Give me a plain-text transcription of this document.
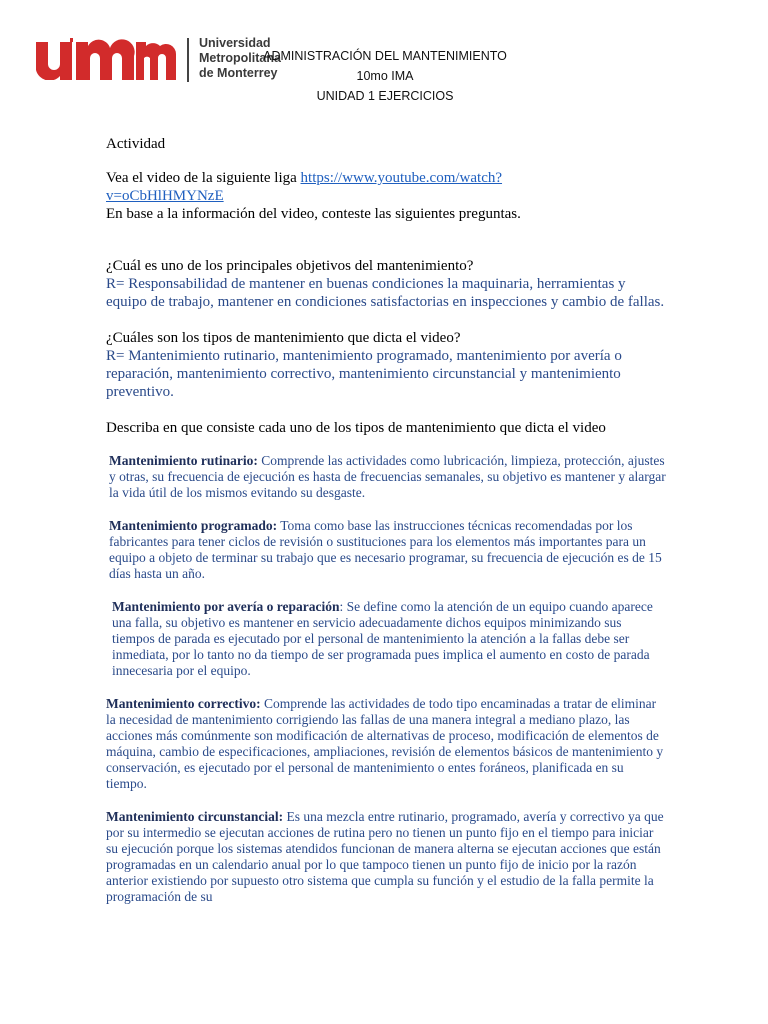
Universidad
Metropolitana
de Monterrey
ADMINISTRACIÓN DEL MANTENIMIENTO
10mo IMA
UNIDAD 1 EJERCICIOS

Actividad

Vea el video de la siguiente liga https://www.youtube.com/watch?
v=oCbHlHMYNzE

En base a la información del video, conteste las siguientes preguntas.

¿Cuál es uno de los principales objetivos del mantenimiento?

R= Responsabilidad de mantener en buenas condiciones la maquinaria, herramientas y equipo de trabajo, mantener en condiciones satisfactorias en inspecciones y cambio de fallas.

¿Cuáles son los tipos de mantenimiento que dicta el video?

R= Mantenimiento rutinario, mantenimiento programado, mantenimiento por avería o reparación, mantenimiento correctivo, mantenimiento circunstancial y mantenimiento preventivo.

Describa en que consiste cada uno de los tipos de mantenimiento que dicta el video

Mantenimiento rutinario: Comprende las actividades como lubricación, limpieza, protección, ajustes y otras, su frecuencia de ejecución es hasta de frecuencias semanales, su objetivo es mantener y alargar la vida útil de los mismos evitando su desgaste.

Mantenimiento programado: Toma como base las instrucciones técnicas recomendadas por los fabricantes para tener ciclos de revisión o sustituciones para los elementos más importantes para un equipo a objeto de terminar su trabajo que es necesario programar, su frecuencia de ejecución es de 15 días hasta un año.

Mantenimiento por avería o reparación: Se define como la atención de un equipo cuando aparece una falla, su objetivo es mantener en servicio adecuadamente dichos equipos minimizando sus tiempos de parada es ejecutado por el personal de mantenimiento la atención a la fallas debe ser inmediata, por lo tanto no da tiempo de ser programada pues implica el aumento en costo de parada innecesaria por el equipo.

Mantenimiento correctivo: Comprende las actividades de todo tipo encaminadas a tratar de eliminar la necesidad de mantenimiento corrigiendo las fallas de una manera integral a mediano plazo, las acciones más comúnmente son modificación de alternativas de proceso, modificación de elementos de máquina, cambio de especificaciones, ampliaciones, revisión de elementos básicos de mantenimiento y conservación, es ejecutado por el personal de mantenimiento o entes foráneos, planificada en su tiempo.

Mantenimiento circunstancial: Es una mezcla entre rutinario, programado, avería y correctivo ya que por su intermedio se ejecutan acciones de rutina pero no tienen un punto fijo en el tiempo para iniciar su ejecución porque los sistemas atendidos funcionan de manera alterna se ejecutan acciones que están programadas en un calendario anual por lo que tampoco tienen un punto fijo de inicio por la razón anterior existiendo por supuesto otro sistema que cumpla su función y el estudio de la falla permite la programación de su
